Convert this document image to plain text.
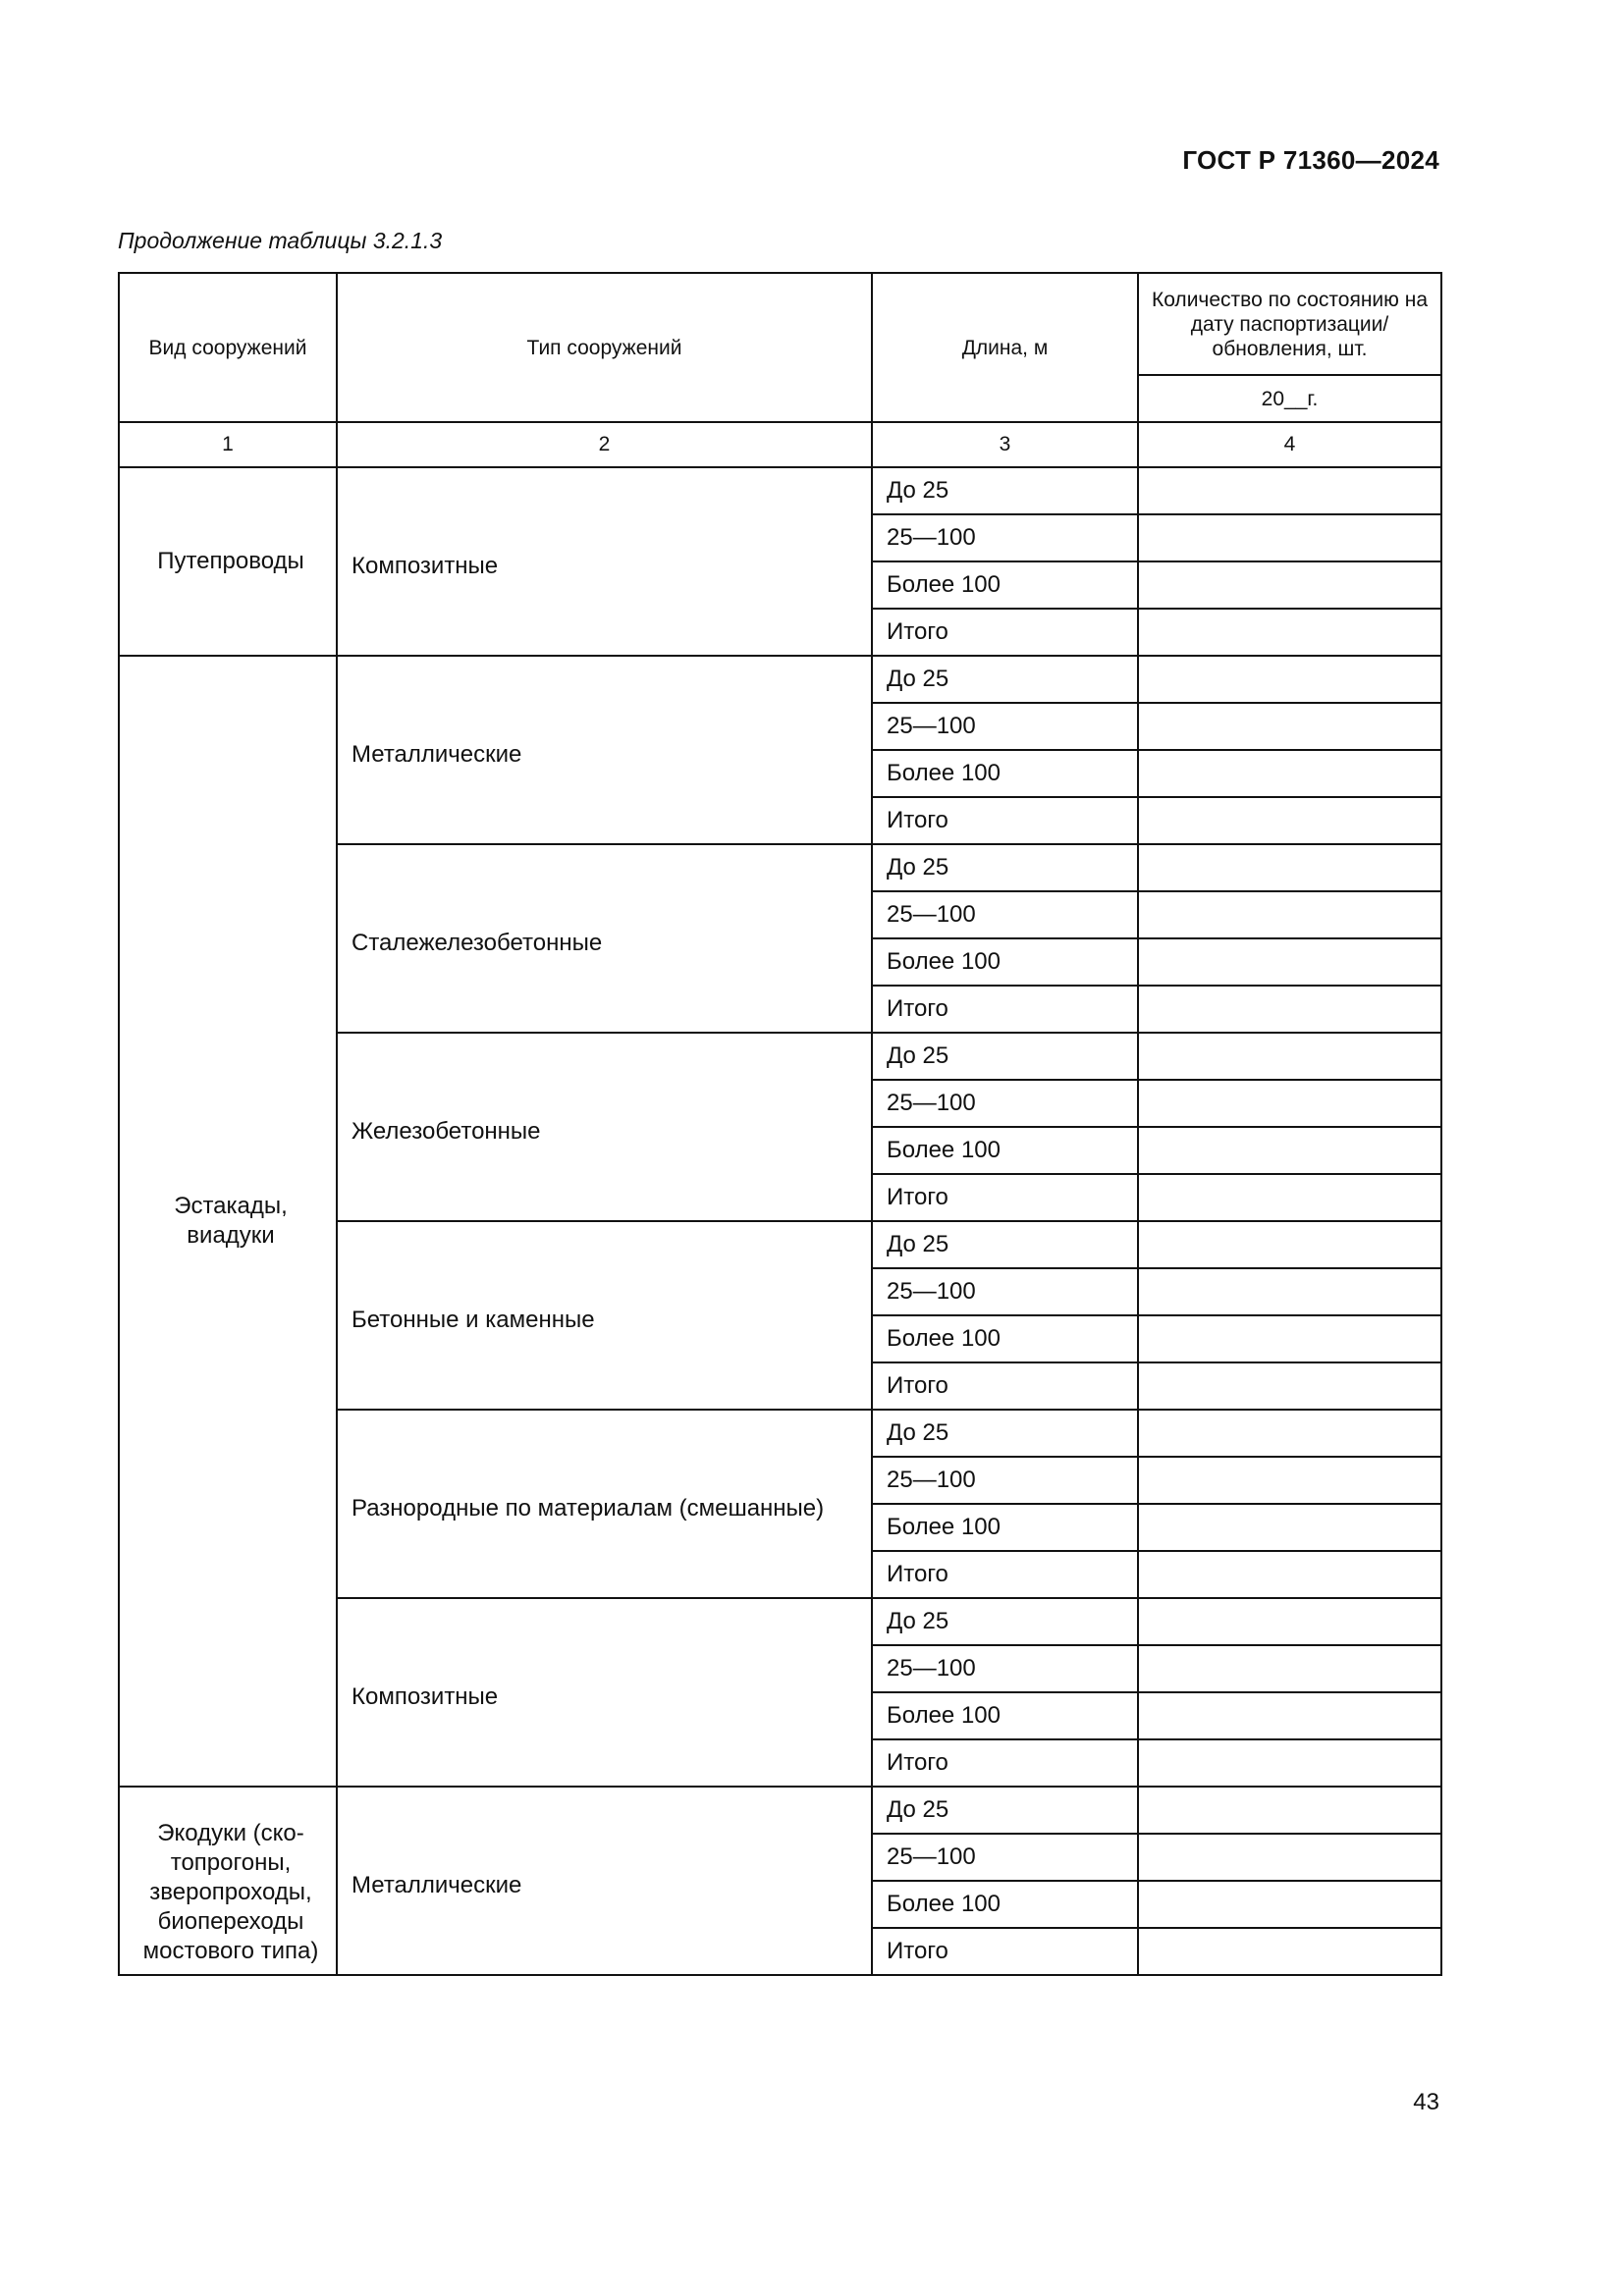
ГОСТ Р 71360—2024
Продолжение таблицы 3.2.1.3
Вид сооружений	Тип сооружений	Длина, м	Количество по состоянию на дату паспортизации/ обновления, шт.
			20__г.
1	2	3	4

Путепроводы	Композитные	До 25	
		25—100	
		Более 100	
		Итого	

Эстакады, виадуки	Металлические	До 25	
		25—100	
		Более 100	
		Итого	
	Сталежелезобетонные	До 25	
		25—100	
		Более 100	
		Итого	
	Железобетонные	До 25	
		25—100	
		Более 100	
		Итого	
	Бетонные и каменные	До 25	
		25—100	
		Более 100	
		Итого	
	Разнородные по материалам (смешанные)	До 25	
		25—100	
		Более 100	
		Итого	
	Композитные	До 25	
		25—100	
		Более 100	
		Итого	

Экодуки (ско-
топрогоны,
зверопроходы,
биопереходы
мостового типа)	Металлические	До 25	
		25—100	
		Более 100	
		Итого	
43
